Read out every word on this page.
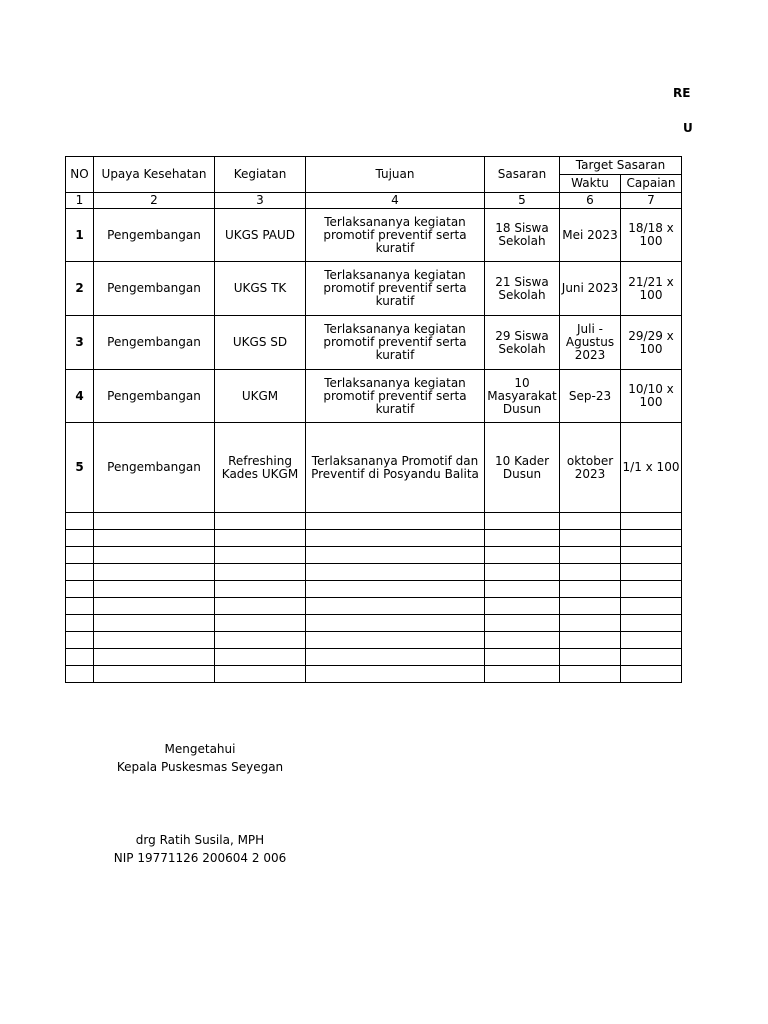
RE
U
NO	Upaya Kesehatan	Kegiatan	Tujuan	Sasaran	Target Sasaran	
					Waktu	Capaian
1	2	3	4	5	6	7
1	Pengembangan	UKGS PAUD	Terlaksananya kegiatan promotif preventif serta kuratif	18 Siswa Sekolah	Mei 2023	18/18 x 100
2	Pengembangan	UKGS TK	Terlaksananya kegiatan promotif preventif serta kuratif	21 Siswa Sekolah	Juni 2023	21/21 x 100
3	Pengembangan	UKGS SD	Terlaksananya kegiatan promotif preventif serta kuratif	29 Siswa Sekolah	Juli - Agustus 2023	29/29 x 100
4	Pengembangan	UKGM	Terlaksananya kegiatan promotif preventif serta kuratif	10 Masyarakat Dusun	Sep-23	10/10 x 100
5	Pengembangan	Refreshing Kades UKGM	Terlaksananya Promotif dan Preventif di Posyandu Balita	10 Kader Dusun	oktober 2023	1/1 x 100

Mengetahui
Kepala Puskesmas Seyegan
drg Ratih Susila, MPH
NIP 19771126 200604 2 006
